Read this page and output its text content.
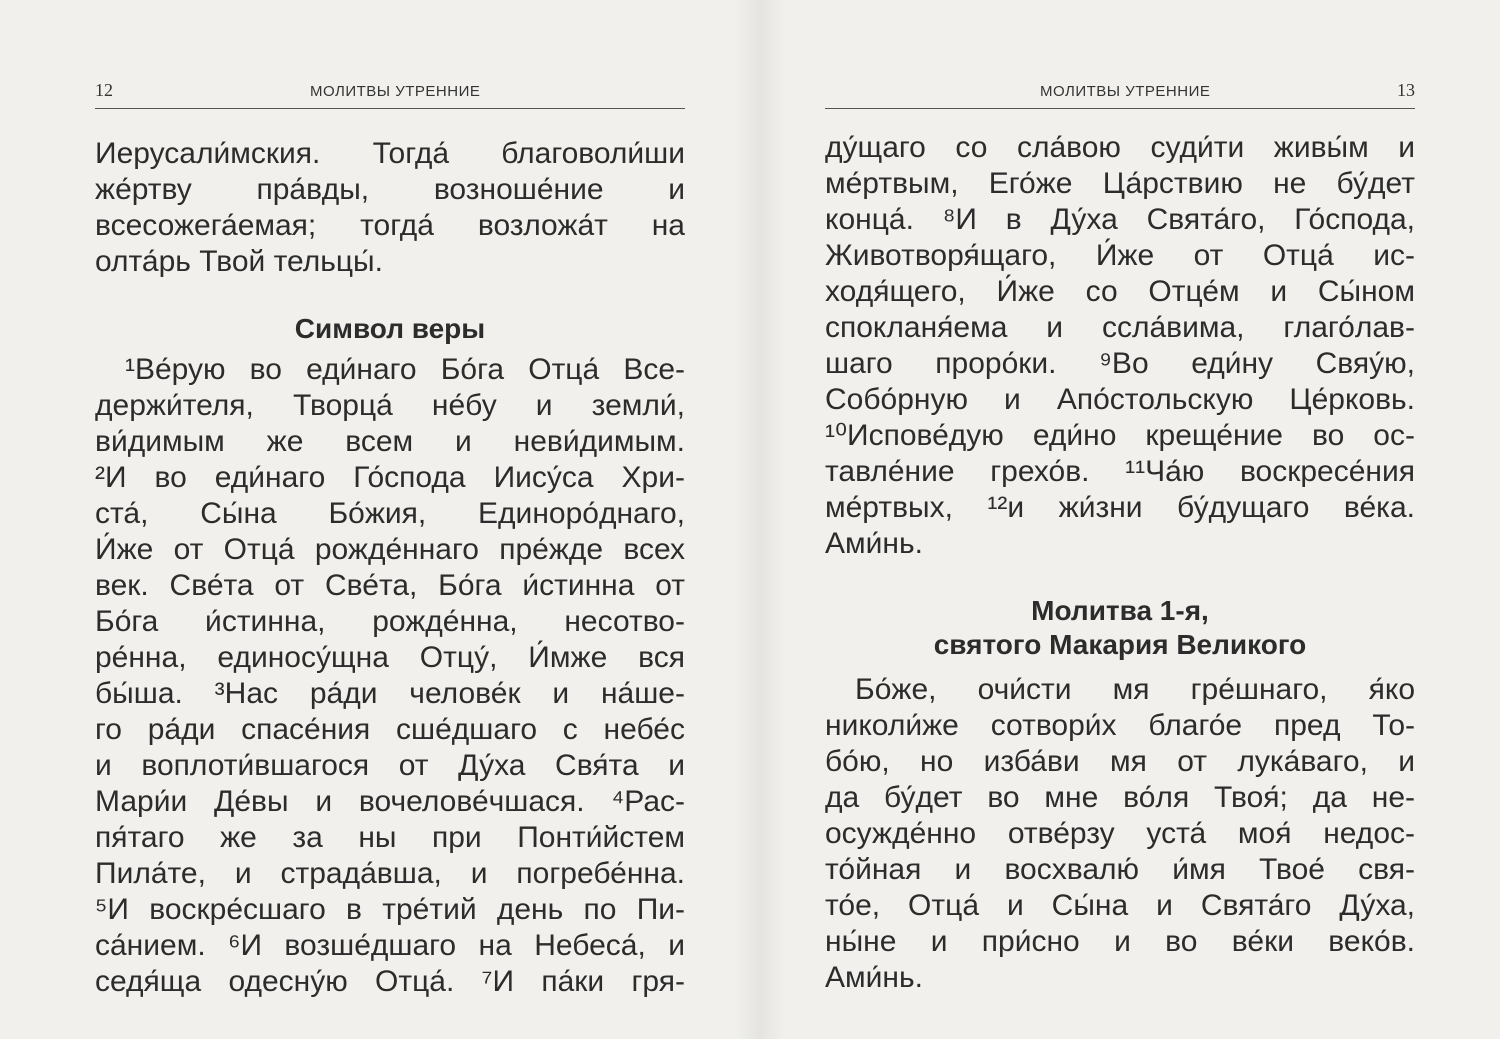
12	МОЛИТВЫ УТРЕННИЕ
Иерусали́мския. Тогда́ благоволи́ши
же́ртву пра́вды, возноше́ние и
всесожега́емая; тогда́ возложа́т на
олта́рь Твой тельцы́.
Символ веры
¹Ве́рую во еди́наго Бо́га Отца́ Все-
держи́теля, Творца́ не́бу и земли́,
ви́димым же всем и неви́димым.
²И во еди́наго Го́спода Иису́са Хри-
ста́, Сы́на Бо́жия, Единоро́днаго,
И́же от Отца́ рожде́ннаго пре́жде всех
век. Све́та от Све́та, Бо́га и́стинна от
Бо́га и́стинна, рожде́нна, несотво-
ре́нна, единосу́щна Отцу́, И́мже вся
бы́ша. ³Нас ра́ди челове́к и на́ше-
го ра́ди спасе́ния сше́дшаго с небе́с
и воплоти́вшагося от Ду́ха Свя́та и
Мари́и Де́вы и вочелове́чшася. ⁴Рас-
пя́таго же за ны при Понти́йстем
Пила́те, и страда́вша, и погребе́нна.
⁵И воскре́сшаго в тре́тий день по Пи-
са́нием. ⁶И возше́дшаго на Небеса́, и
седя́ща одесну́ю Отца́. ⁷И па́ки гря-
МОЛИТВЫ УТРЕННИЕ	13
ду́щаго со сла́вою суди́ти живы́м и
ме́ртвым, Его́же Ца́рствию не бу́дет
конца́. ⁸И в Ду́ха Свята́го, Го́спода,
Животворя́щаго, И́же от Отца́ ис-
ходя́щего, И́же со Отце́м и Сы́ном
спокланя́ема и ссла́вима, глаго́лав-
шаго проро́ки. ⁹Во еди́ну Свяу́ю,
Собо́рную и Апо́стольскую Це́рковь.
¹⁰Испове́дую еди́но креще́ние во ос-
тавле́ние грехо́в. ¹¹Ча́ю воскресе́ния
ме́ртвых, ¹²и жи́зни бу́дущаго ве́ка.
Ами́нь.
Молитва 1-я,
святого Макария Великого
Бо́же, очи́сти мя гре́шнаго, я́ко
николи́же сотвори́х благо́е пред То-
бо́ю, но изба́ви мя от лука́ваго, и
да бу́дет во мне во́ля Твоя́; да не-
осужде́нно отве́рзу уста́ моя́ недос-
то́йная и восхвалю́ и́мя Твое́ свя-
то́е, Отца́ и Сы́на и Свята́го Ду́ха,
ны́не и при́сно и во ве́ки веко́в.
Ами́нь.
